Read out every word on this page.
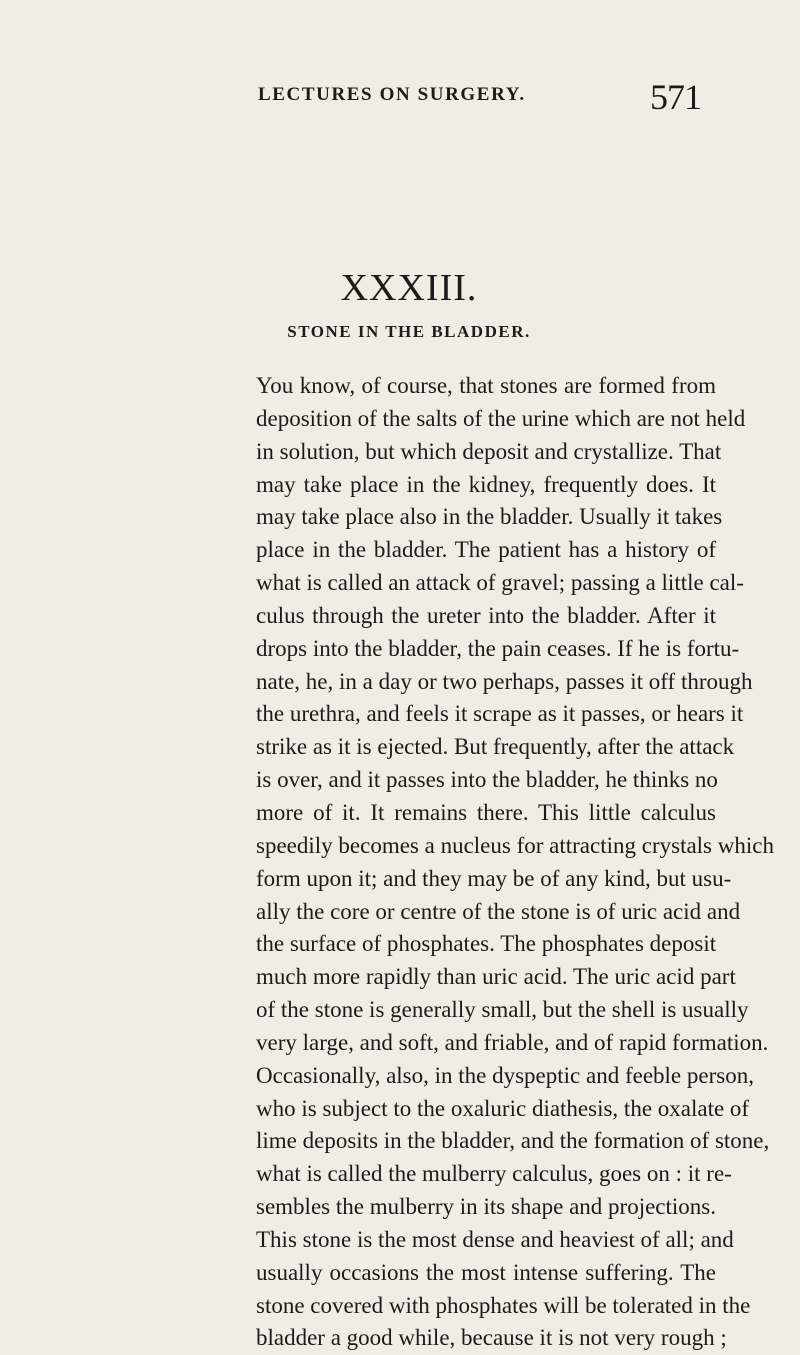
LECTURES ON SURGERY.	571
XXXIII.
STONE IN THE BLADDER.
You know, of course, that stones are formed from
deposition of the salts of the urine which are not held
in solution, but which deposit and crystallize. That
may take place in the kidney, frequently does. It
may take place also in the bladder. Usually it takes
place in the bladder. The patient has a history of
what is called an attack of gravel; passing a little cal-
culus through the ureter into the bladder. After it
drops into the bladder, the pain ceases. If he is fortu-
nate, he, in a day or two perhaps, passes it off through
the urethra, and feels it scrape as it passes, or hears it
strike as it is ejected. But frequently, after the attack
is over, and it passes into the bladder, he thinks no
more of it. It remains there. This little calculus
speedily becomes a nucleus for attracting crystals which
form upon it; and they may be of any kind, but usu-
ally the core or centre of the stone is of uric acid and
the surface of phosphates. The phosphates deposit
much more rapidly than uric acid. The uric acid part
of the stone is generally small, but the shell is usually
very large, and soft, and friable, and of rapid formation.
Occasionally, also, in the dyspeptic and feeble person,
who is subject to the oxaluric diathesis, the oxalate of
lime deposits in the bladder, and the formation of stone,
what is called the mulberry calculus, goes on : it re-
sembles the mulberry in its shape and projections.
This stone is the most dense and heaviest of all; and
usually occasions the most intense suffering. The
stone covered with phosphates will be tolerated in the
bladder a good while, because it is not very rough ;
